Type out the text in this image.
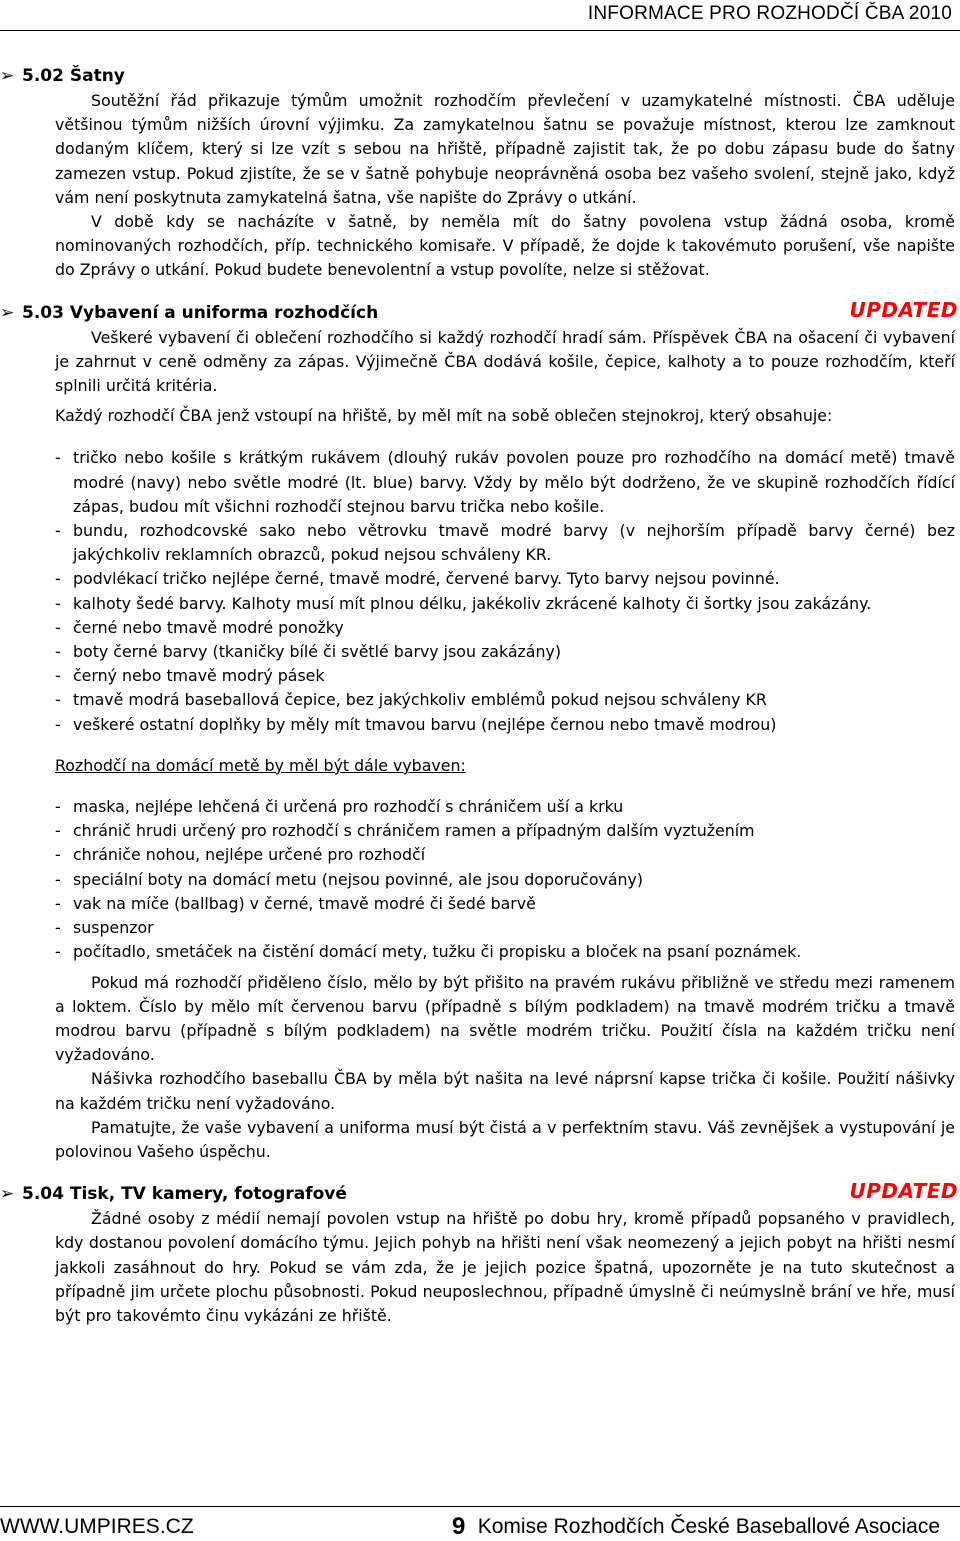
INFORMACE PRO ROZHODČÍ ČBA 2010
➢ 5.02 Šatny

Soutěžní řád přikazuje týmům umožnit rozhodčím převlečení v uzamykatelné místnosti. ČBA uděluje většinou týmům nižších úrovní výjimku. Za zamykatelnou šatnu se považuje místnost, kterou lze zamknout dodaným klíčem, který si lze vzít s sebou na hřiště, případně zajistit tak, že po dobu zápasu bude do šatny zamezen vstup. Pokud zjistíte, že se v šatně pohybuje neoprávněná osoba bez vašeho svolení, stejně jako, když vám není poskytnuta zamykatelná šatna, vše napište do Zprávy o utkání.

V době kdy se nacházíte v šatně, by neměla mít do šatny povolena vstup žádná osoba, kromě nominovaných rozhodčích, příp. technického komisaře. V případě, že dojde k takovémuto porušení, vše napište do Zprávy o utkání. Pokud budete benevolentní a vstup povolíte, nelze si stěžovat.

➢ 5.03 Vybavení a uniforma rozhodčích	UPDATED

Veškeré vybavení či oblečení rozhodčího si každý rozhodčí hradí sám. Příspěvek ČBA na ošacení či vybavení je zahrnut v ceně odměny za zápas. Výjimečně ČBA dodává košile, čepice, kalhoty a to pouze rozhodčím, kteří splnili určitá kritéria.

Každý rozhodčí ČBA jenž vstoupí na hřiště, by měl mít na sobě oblečen stejnokroj, který obsahuje:

- tričko nebo košile s krátkým rukávem (dlouhý rukáv povolen pouze pro rozhodčího na domácí metě) tmavě modré (navy) nebo světle modré (lt. blue) barvy. Vždy by mělo být dodrženo, že ve skupině rozhodčích řídící zápas, budou mít všichni rozhodčí stejnou barvu trička nebo košile.
- bundu, rozhodcovské sako nebo větrovku tmavě modré barvy (v nejhorším případě barvy černé) bez jakýchkoliv reklamních obrazců, pokud nejsou schváleny KR.
- podvlékací tričko nejlépe černé, tmavě modré, červené barvy. Tyto barvy nejsou povinné.
- kalhoty šedé barvy. Kalhoty musí mít plnou délku, jakékoliv zkrácené kalhoty či šortky jsou zakázány.
- černé nebo tmavě modré ponožky
- boty černé barvy (tkaničky bílé či světlé barvy jsou zakázány)
- černý nebo tmavě modrý pásek
- tmavě modrá baseballová čepice, bez jakýchkoliv emblémů pokud nejsou schváleny KR
- veškeré ostatní doplňky by měly mít tmavou barvu (nejlépe černou nebo tmavě modrou)

Rozhodčí na domácí metě by měl být dále vybaven:

- maska, nejlépe lehčená či určená pro rozhodčí s chráničem uší a krku
- chránič hrudi určený pro rozhodčí s chráničem ramen a případným dalším vyztužením
- chrániče nohou, nejlépe určené pro rozhodčí
- speciální boty na domácí metu (nejsou povinné, ale jsou doporučovány)
- vak na míče (ballbag) v černé, tmavě modré či šedé barvě
- suspenzor
- počítadlo, smetáček na čistění domácí mety, tužku či propisku a bloček na psaní poznámek.

Pokud má rozhodčí přiděleno číslo, mělo by být přišito na pravém rukávu přibližně ve středu mezi ramenem a loktem. Číslo by mělo mít červenou barvu (případně s bílým podkladem) na tmavě modrém tričku a tmavě modrou barvu (případně s bílým podkladem) na světle modrém tričku. Použití čísla na každém tričku není vyžadováno.

Nášivka rozhodčího baseballu ČBA by měla být našita na levé náprsní kapse trička či košile. Použití nášivky na každém tričku není vyžadováno.

Pamatujte, že vaše vybavení a uniforma musí být čistá a v perfektním stavu. Váš zevnějšek a vystupování je polovinou Vašeho úspěchu.

➢ 5.04 Tisk, TV kamery, fotografové	UPDATED

Žádné osoby z médií nemají povolen vstup na hřiště po dobu hry, kromě případů popsaného v pravidlech, kdy dostanou povolení domácího týmu. Jejich pohyb na hřišti není však neomezený a jejich pobyt na hřišti nesmí jakkoli zasáhnout do hry. Pokud se vám zda, že je jejich pozice špatná, upozorněte je na tuto skutečnost a případně jim určete plochu působnosti. Pokud neuposlechnou, případně úmyslně či neúmyslně brání ve hře, musí být pro takovémto činu vykázáni ze hřiště.

WWW.UMPIRES.CZ	9 Komise Rozhodčích České Baseballové Asociace
